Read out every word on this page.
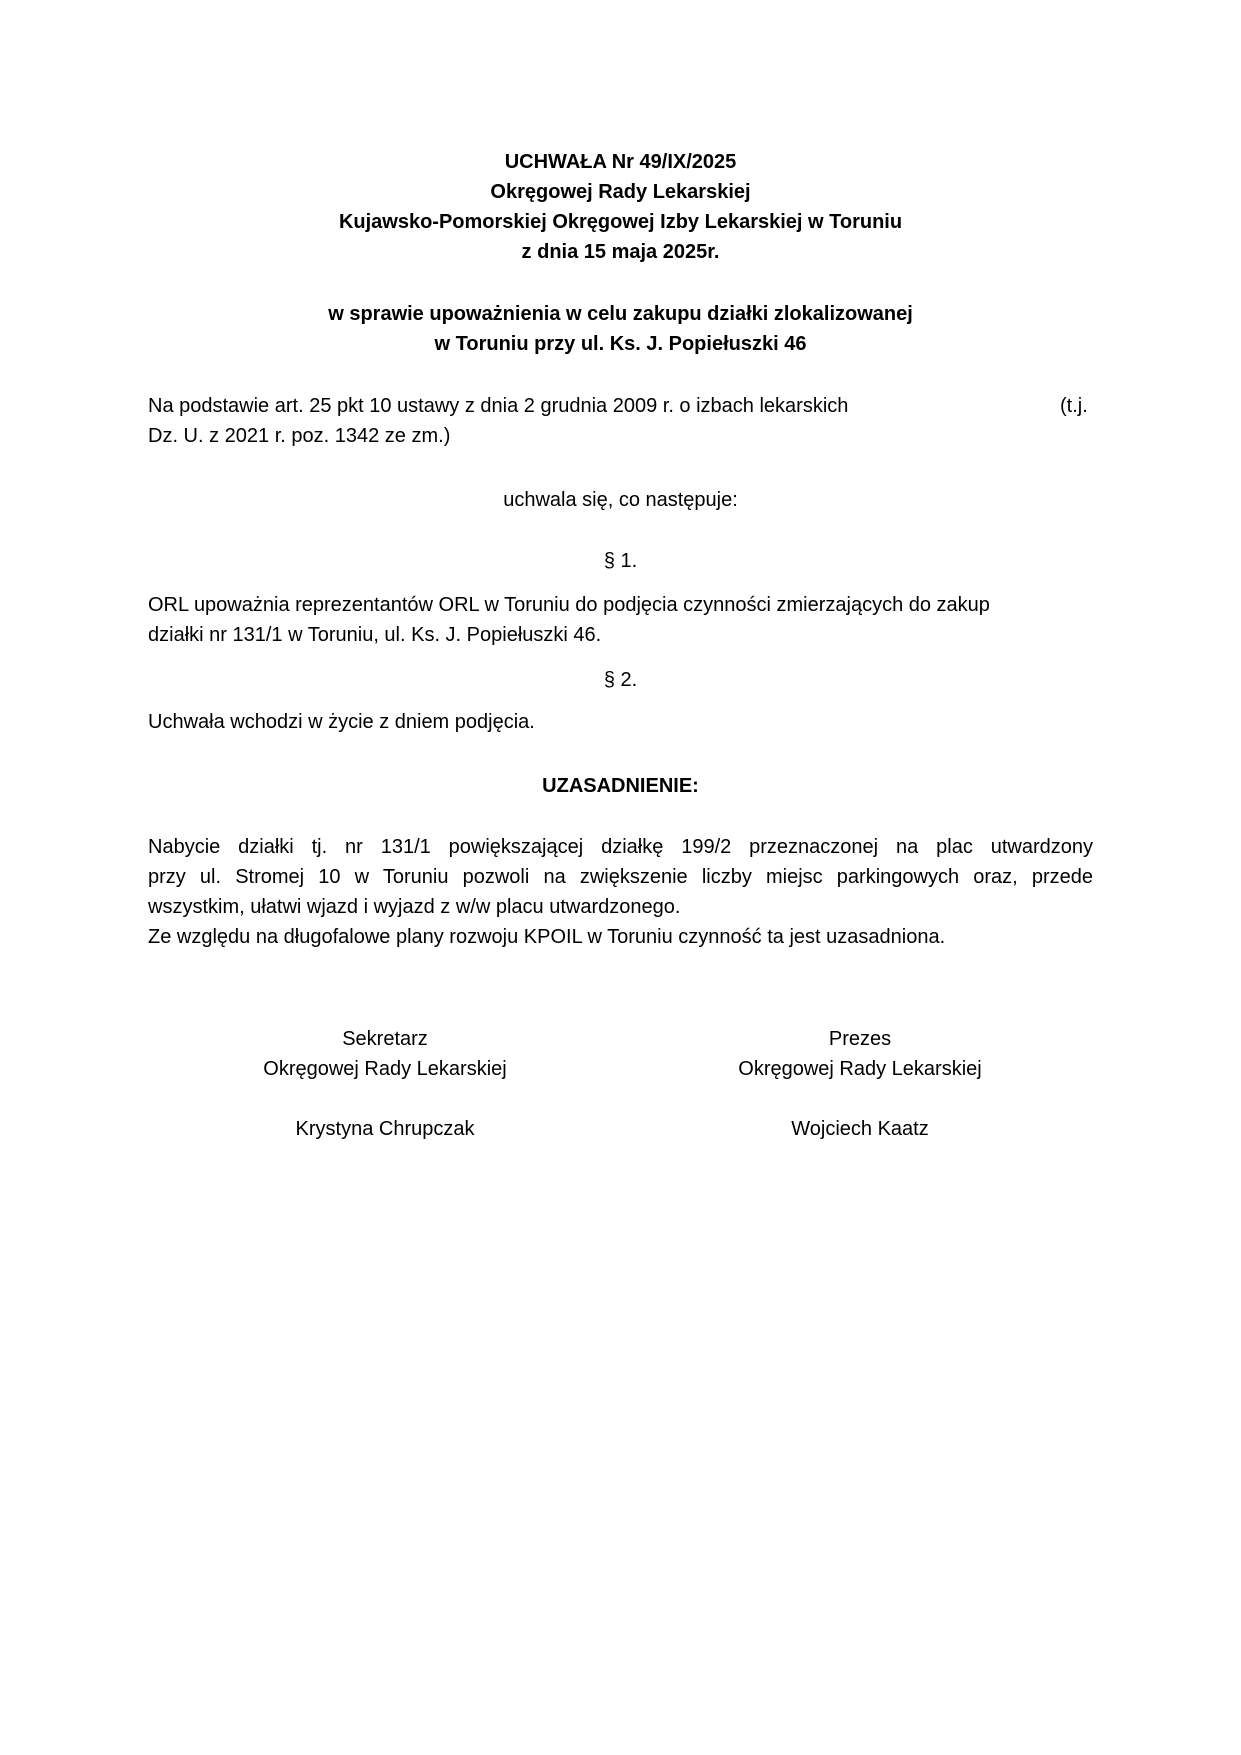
UCHWAŁA Nr 49/IX/2025
Okręgowej Rady Lekarskiej
Kujawsko-Pomorskiej Okręgowej Izby Lekarskiej w Toruniu
z dnia 15 maja 2025r.
w sprawie upoważnienia w celu zakupu działki zlokalizowanej
w Toruniu przy ul. Ks. J. Popiełuszki 46
Na podstawie art. 25 pkt 10 ustawy z dnia 2 grudnia 2009 r. o izbach lekarskich	(t.j.
Dz. U. z 2021 r. poz. 1342 ze zm.)
uchwala się, co następuje:
§ 1.
ORL upoważnia reprezentantów ORL w Toruniu do podjęcia czynności zmierzających do zakup
działki nr 131/1 w Toruniu, ul. Ks. J. Popiełuszki 46.
§ 2.
Uchwała wchodzi w życie z dniem podjęcia.
UZASADNIENIE:
Nabycie działki tj. nr 131/1 powiększającej działkę 199/2 przeznaczonej na plac utwardzony
przy ul. Stromej 10 w Toruniu pozwoli na zwiększenie liczby miejsc parkingowych oraz, przede
wszystkim, ułatwi wjazd i wyjazd z w/w placu utwardzonego.
Ze względu na długofalowe plany rozwoju KPOIL w Toruniu czynność ta jest uzasadniona.
Sekretarz
Okręgowej Rady Lekarskiej
Krystyna Chrupczak
Prezes
Okręgowej Rady Lekarskiej
Wojciech Kaatz
